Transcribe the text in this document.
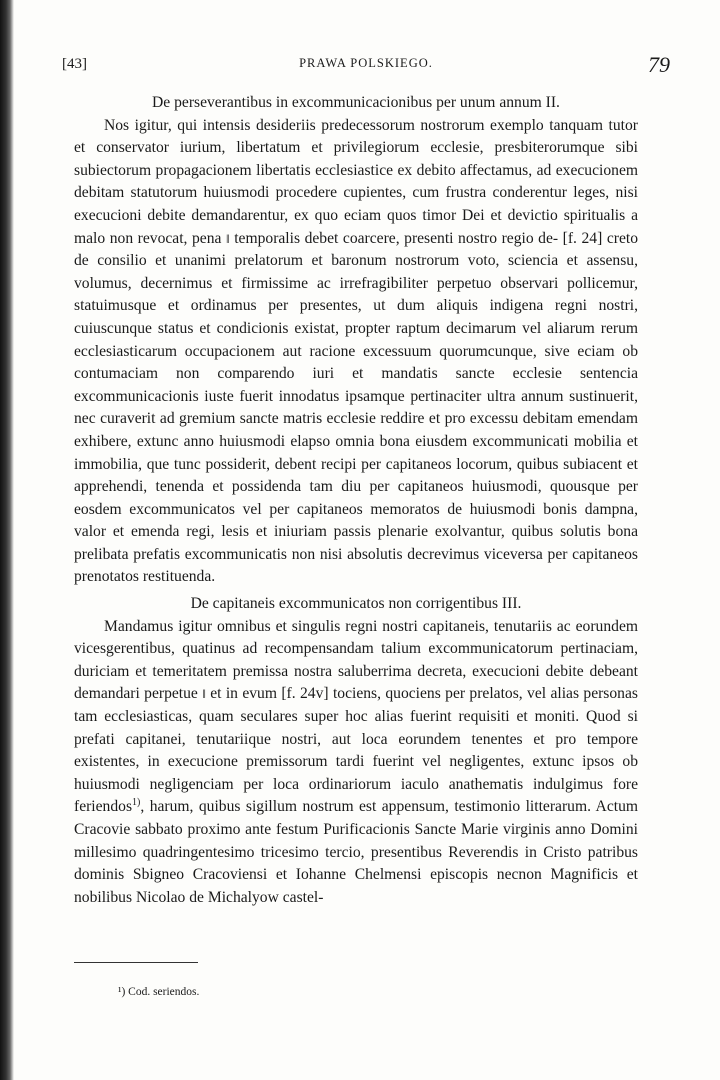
[43]	PRAWA POLSKIEGO.	79

De perseverantibus in excommunicacionibus per unum annum II.

Nos igitur, qui intensis desideriis predecessorum nostrorum exemplo tanquam tutor et conservator iurium, libertatum et privilegiorum ecclesie, presbiterorumque sibi subiectorum propagacionem libertatis ecclesiastice ex debito affectamus, ad execucionem debitam statutorum huiusmodi procedere cupientes, cum frustra conderentur leges, nisi execucioni debite demandarentur, ex quo eciam quos timor Dei et devictio spiritualis a malo non revocat, pena ‖ temporalis debet coarcere, presenti nostro regio de- [f. 24] creto de consilio et unanimi prelatorum et baronum nostrorum voto, sciencia et assensu, volumus, decernimus et firmissime ac irrefragibiliter perpetuo observari pollicemur, statuimusque et ordinamus per presentes, ut dum aliquis indigena regni nostri, cuiuscunque status et condicionis existat, propter raptum decimarum vel aliarum rerum ecclesiasticarum occupacionem aut racione excessuum quorumcunque, sive eciam ob contumaciam non comparendo iuri et mandatis sancte ecclesie sentencia excommunicacionis iuste fuerit innodatus ipsamque pertinaciter ultra annum sustinuerit, nec curaverit ad gremium sancte matris ecclesie reddire et pro excessu debitam emendam exhibere, extunc anno huiusmodi elapso omnia bona eiusdem excommunicati mobilia et immobilia, que tunc possiderit, debent recipi per capitaneos locorum, quibus subiacent et apprehendi, tenenda et possidenda tam diu per capitaneos huiusmodi, quousque per eosdem excommunicatos vel per capitaneos memoratos de huiusmodi bonis dampna, valor et emenda regi, lesis et iniuriam passis plenarie exolvantur, quibus solutis bona prelibata prefatis excommunicatis non nisi absolutis decrevimus viceversa per capitaneos prenotatos restituenda.

De capitaneis excommunicatos non corrigentibus III.

Mandamus igitur omnibus et singulis regni nostri capitaneis, tenutariis ac eorundem vicesgerentibus, quatinus ad recompensandam talium excommunicatorum pertinaciam, duriciam et temeritatem premissa nostra saluberrima decreta, execucioni debite debeant demandari perpetue ‖ et in evum [f. 24v] tociens, quociens per prelatos, vel alias personas tam ecclesiasticas, quam seculares super hoc alias fuerint requisiti et moniti. Quod si prefati capitanei, tenutariique nostri, aut loca eorundem tenentes et pro tempore existentes, in execucione premissorum tardi fuerint vel negligentes, extunc ipsos ob huiusmodi negligenciam per loca ordinariorum iaculo anathematis indulgimus fore feriendos$^{1)}$, harum, quibus sigillum nostrum est appensum, testimonio litterarum. Actum Cracovie sabbato proximo ante festum Purificacionis Sancte Marie virginis anno Domini millesimo quadringentesimo tricesimo tercio, presentibus Reverendis in Cristo patribus dominis Sbigneo Cracoviensi et Iohanne Chelmensi episcopis necnon Magnificis et nobilibus Nicolao de Michalyow castel-

¹) Cod. seriendos.
